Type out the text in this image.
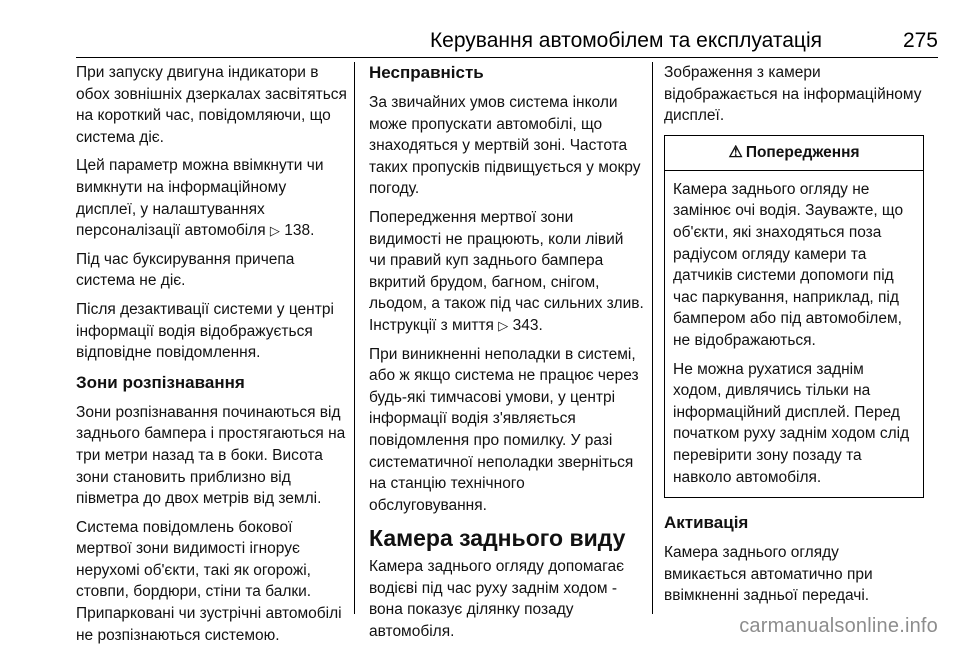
Керування автомобілем та експлуатація	275

При запуску двигуна індикатори в обох зовнішніх дзеркалах засвітяться на короткий час, повідомляючи, що система діє.

Цей параметр можна ввімкнути чи вимкнути на інформаційному дисплеї, у налаштуваннях персоналізації автомобіля ▷ 138.

Під час буксирування причепа система не діє.

Після дезактивації системи у центрі інформації водія відображується відповідне повідомлення.

Зони розпізнавання

Зони розпізнавання починаються від заднього бампера і простягаються на три метри назад та в боки. Висота зони становить приблизно від півметра до двох метрів від землі.

Система повідомлень бокової мертвої зони видимості ігнорує нерухомі об'єкти, такі як огорожі, стовпи, бордюри, стіни та балки. Припарковані чи зустрічні автомобілі не розпізнаються системою.

Несправність

За звичайних умов система інколи може пропускати автомобілі, що знаходяться у мертвій зоні. Частота таких пропусків підвищується у мокру погоду.

Попередження мертвої зони видимості не працюють, коли лівий чи правий куп заднього бампера вкритий брудом, багном, снігом, льодом, а також під час сильних злив. Інструкції з миття ▷ 343.

При виникненні неполадки в системі, або ж якщо система не працює через будь-які тимчасові умови, у центрі інформації водія з'являється повідомлення про помилку. У разі систематичної неполадки зверніться на станцію технічного обслуговування.

Камера заднього виду

Камера заднього огляду допомагає водієві під час руху заднім ходом - вона показує ділянку позаду автомобіля.

Зображення з камери відображається на інформаційному дисплеї.

⚠ Попередження

Камера заднього огляду не замінює очі водія. Зауважте, що об'єкти, які знаходяться поза радіусом огляду камери та датчиків системи допомоги під час паркування, наприклад, під бампером або під автомобілем, не відображаються.

Не можна рухатися заднім ходом, дивлячись тільки на інформаційний дисплей. Перед початком руху заднім ходом слід перевірити зону позаду та навколо автомобіля.

Активація

Камера заднього огляду вмикається автоматично при ввімкненні задньої передачі.

carmanualsonline.info
